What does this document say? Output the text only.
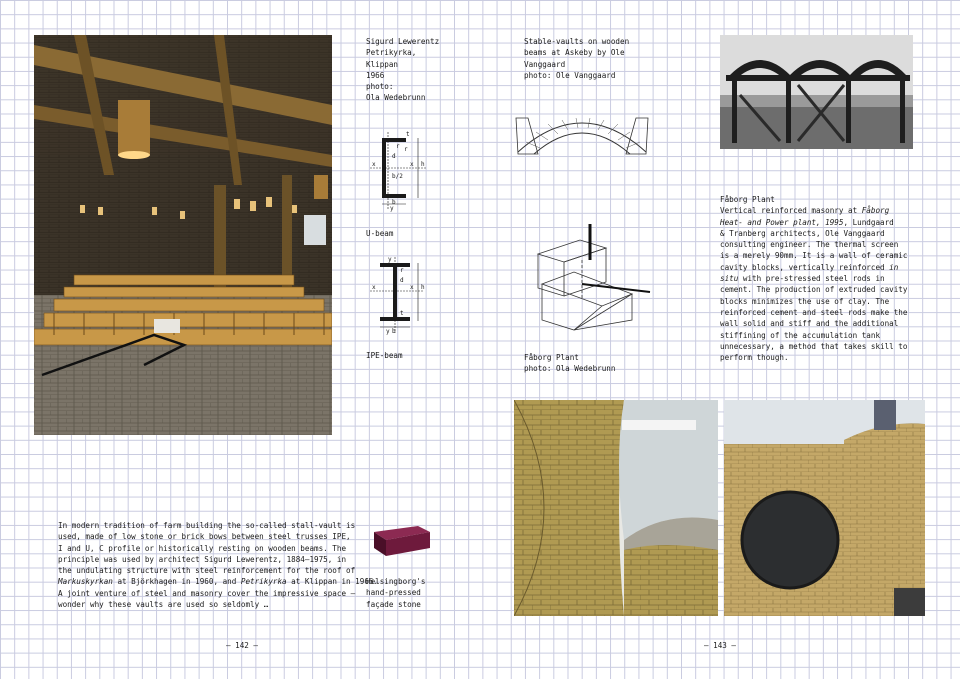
Sigurd Lewerentz
Petrikyrka,
Klippan
1966
photo:
Ola Wedebrunn
r r
t
d
x	x h
b/2
y
b
U-beam
y
r
d
x	x h
t
b
y
IPE-beam
In modern tradition of farm building the so-called stall-vault is
used, made of low stone or brick bows between steel trusses IPE,
I and U, C profile or historically resting on wooden beams. The
principle was used by architect Sigurd Lewerentz, 1884–1975, in
the undulating structure with steel reinforcement for the roof of
Markuskyrkan at Björkhagen in 1960, and Petrikyrka at Klippan in 1966.
A joint venture of steel and masonry cover the impressive space —
wonder why these vaults are used so seldomly …
Helsingborg's
hand-pressed
façade stone
– 142 –
Stable-vaults on wooden
beams at Askeby by Ole
Vanggaard
photo: Ole Vanggaard
Fåborg Plant
photo: Ola Wedebrunn
Fåborg Plant
Vertical reinforced masonry at Fåborg
Heat- and Power plant, 1995, Lundgaard
& Tranberg architects, Ole Vanggaard
consulting engineer. The thermal screen
is a merely 90mm. It is a wall of ceramic
cavity blocks, vertically reinforced in
situ with pre-stressed steel rods in
cement. The production of extruded cavity
blocks minimizes the use of clay. The
reinforced cement and steel rods make the
wall solid and stiff and the additional
stiffining of the accumulation tank
unnecessary, a method that takes skill to
perform though.
– 143 –
